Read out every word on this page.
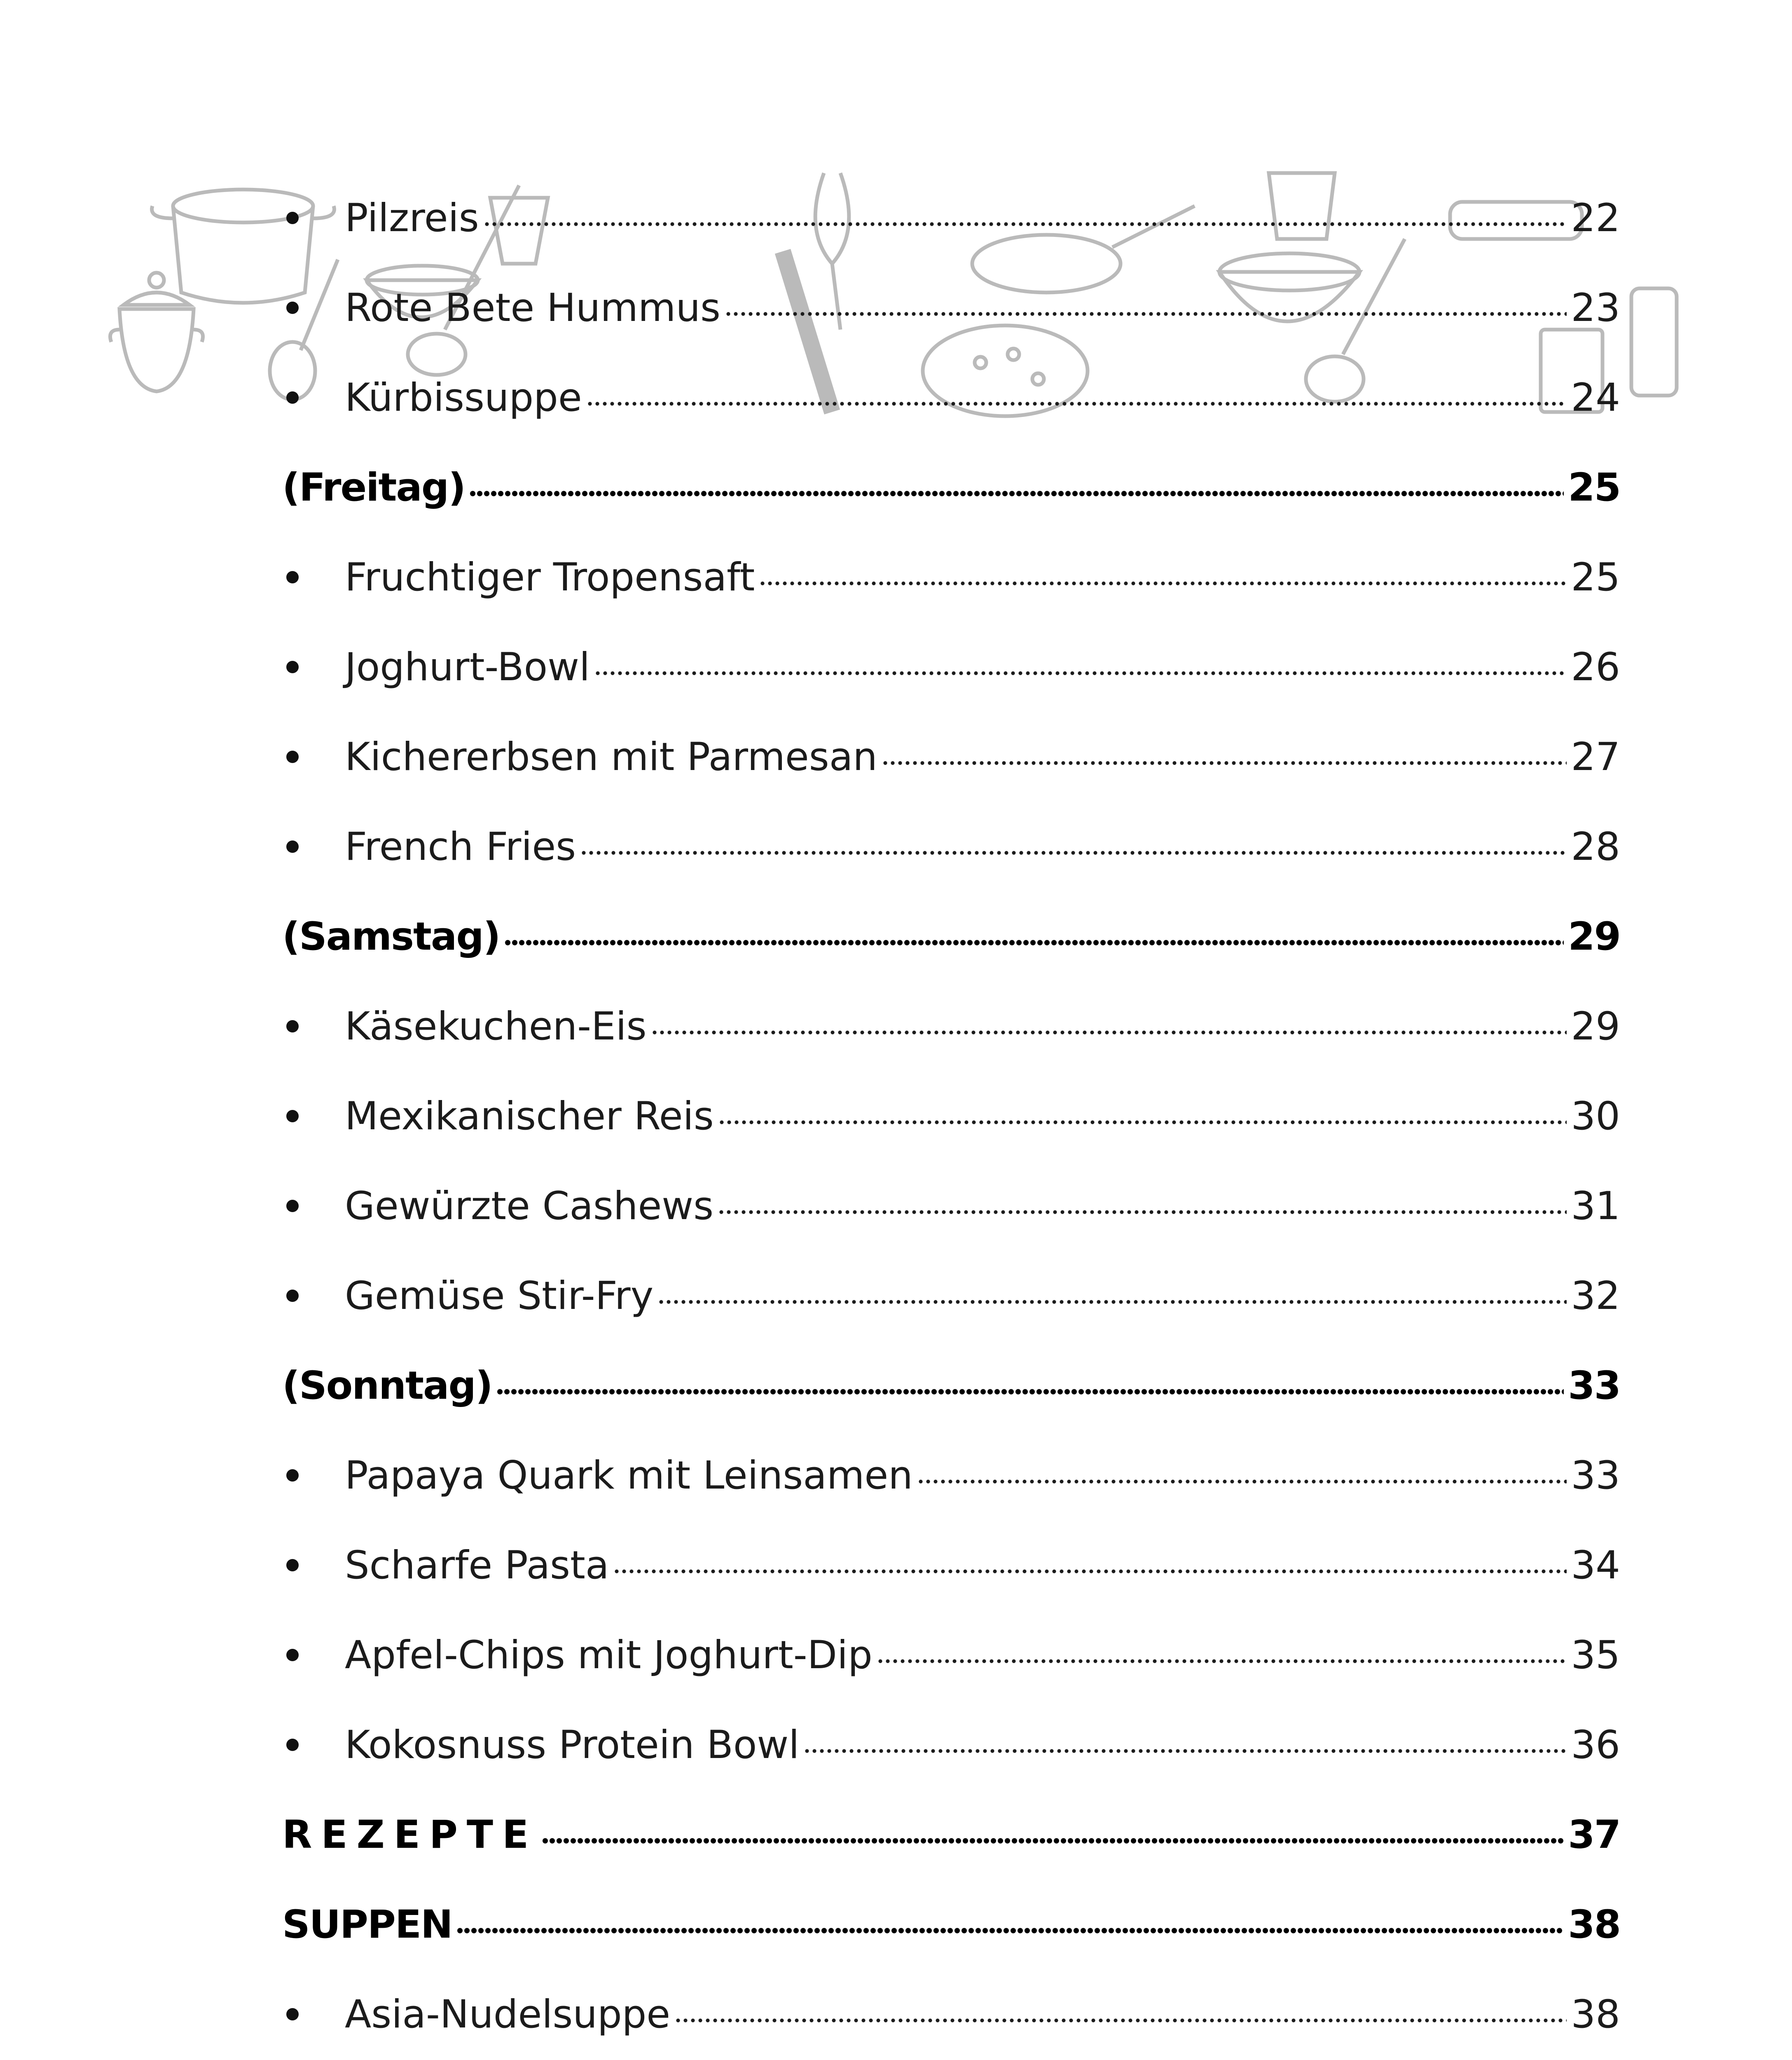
Pilzreis	22
Rote Bete Hummus	23
Kürbissuppe	24
(Freitag)	25
Fruchtiger Tropensaft	25
Joghurt-Bowl	26
Kichererbsen mit Parmesan	27
French Fries	28
(Samstag)	29
Käsekuchen-Eis	29
Mexikanischer Reis	30
Gewürzte Cashews	31
Gemüse Stir-Fry	32
(Sonntag)	33
Papaya Quark mit Leinsamen	33
Scharfe Pasta	34
Apfel-Chips mit Joghurt-Dip	35
Kokosnuss Protein Bowl	36
REZEPTE	37
SUPPEN	38
Asia-Nudelsuppe	38
